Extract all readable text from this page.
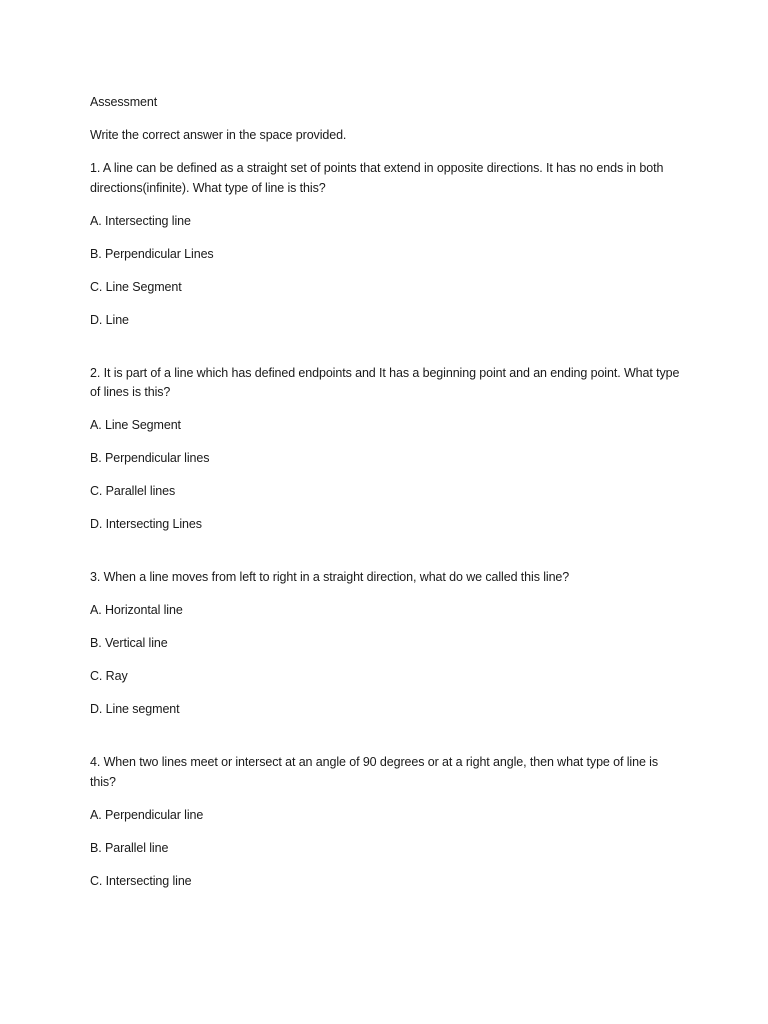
Assessment

Write the correct answer in the space provided.

1. A line can be defined as a straight set of points that extend in opposite directions. It has no ends in both directions(infinite). What type of line is this?

A. Intersecting line

B. Perpendicular Lines

C. Line Segment

D. Line

2. It is part of a line which has defined endpoints and It has a beginning point and an ending point. What type of lines is this?

A. Line Segment

B. Perpendicular lines

C. Parallel lines

D. Intersecting Lines

3. When a line moves from left to right in a straight direction, what do we called this line?

A. Horizontal line

B. Vertical line

C. Ray

D. Line segment

4. When two lines meet or intersect at an angle of 90 degrees or at a right angle, then what type of line is this?

A. Perpendicular line

B. Parallel line

C. Intersecting line
